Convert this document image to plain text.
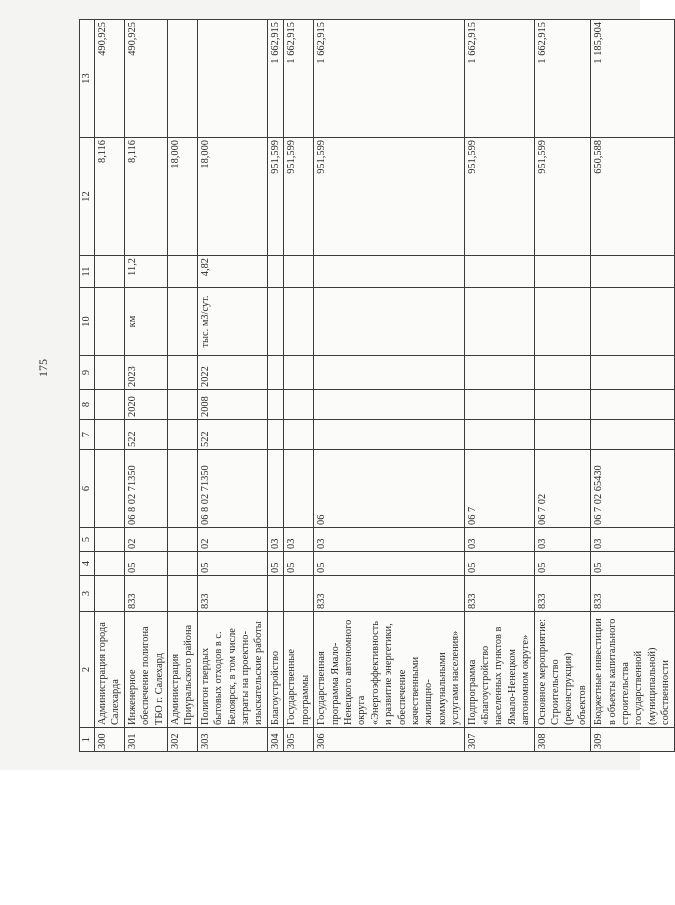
175
1	2	3	4	5	6	7	8	9	10	11	12	13
300	Администрация города Салехарда										8,116	490,925
301	Инженерное обеспечение полигона ТБО г. Салехард	833	05	02	06 8 02 71350	522	2020	2023	км	11,2	8,116	490,925
302	Администрация Приуральского района										18,000	
303	Полигон твердых бытовых отходов в с. Белоярск, в том числе затраты на проектно-изыскательские работы	833	05	02	06 8 02 71350	522	2008	2022	тыс. м3/сут.	4,82	18,000	
304	Благоустройство		05	03							951,599	1 662,915
305	Государственные программы		05	03							951,599	1 662,915
306	Государственная программа Ямало-Ненецкого автономного округа «Энергоэффективность и развитие энергетики, обеспечение качественными жилищно-коммунальными услугами населения»	833	05	03	06						951,599	1 662,915
307	Подпрограмма «Благоустройство населенных пунктов в Ямало-Ненецком автономном округе»	833	05	03	06 7						951,599	1 662,915
308	Основное мероприятие: Строительство (реконструкция) объектов	833	05	03	06 7 02						951,599	1 662,915
309	Бюджетные инвестиции в объекты капитального строительства государственной (муниципальной) собственности	833	05	03	06 7 02 65430						650,588	1 185,904
